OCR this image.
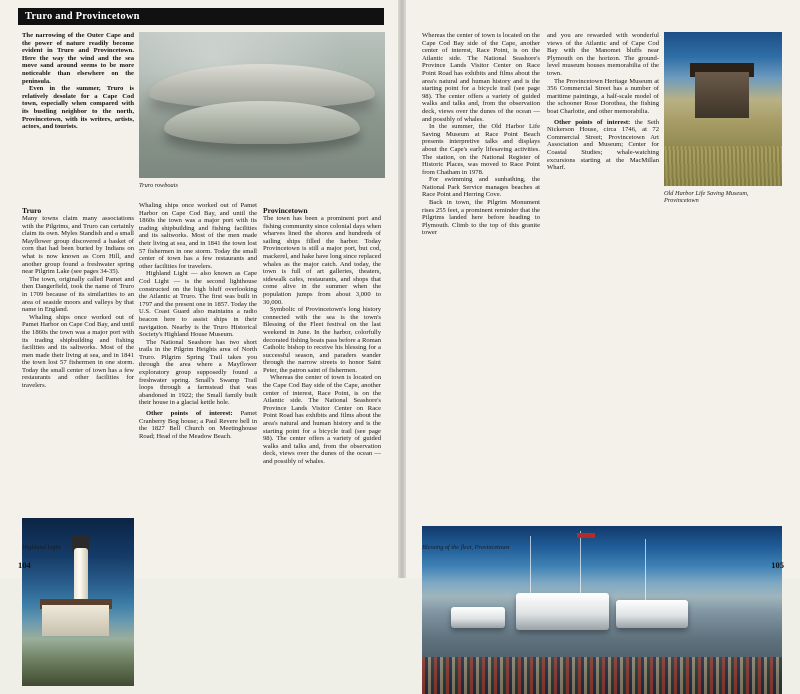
Truro and Provincetown

The narrowing of the Outer Cape and the power of nature readily become evident in Truro and Provincetown. Here the way the wind and the sea move sand around seems to be more noticeable than elsewhere on the peninsula.

Even in the summer, Truro is relatively desolate for a Cape Cod town, especially when compared with its bustling neighbor to the north, Provincetown, with its writers, artists, actors, and tourists.

Truro

Many towns claim many associations with the Pilgrims, and Truro can certainly claim its own. Myles Standish and a small Mayflower group discovered a basket of corn that had been buried by Indians on what is now known as Corn Hill, and another group found a freshwater spring near Pilgrim Lake (see pages 34-35).

The town, originally called Pamet and then Dangerfield, took the name of Truro in 1709 because of its similarities to an area of seaside moors and valleys by that name in England.

Whaling ships once worked out of Pamet Harbor on Cape Cod Bay, and until the 1860s the town was a major port with its trading shipbuilding and fishing facilities and its saltworks. Most of the men made their living at sea, and in 1841 the town lost 57 fishermen in one storm. Today the small center of town has a few restaurants and other facilities for travelers.

Truro rowboats

Whaling ships once worked out of Pamet Harbor on Cape Cod Bay, and until the 1860s the town was a major port with its trading shipbuilding and fishing facilities and its saltworks. Most of the men made their living at sea, and in 1841 the town lost 57 fishermen in one storm. Today the small center of town has a few restaurants and other facilities for travelers.

Highland Light — also known as Cape Cod Light — is the second lighthouse constructed on the high bluff overlooking the Atlantic at Truro. The first was built in 1797 and the present one in 1857. Today the U.S. Coast Guard also maintains a radio beacon here to assist ships in their navigation. Nearby is the Truro Historical Society's Highland House Museum.

The National Seashore has two short trails in the Pilgrim Heights area of North Truro. Pilgrim Spring Trail takes you through the area where a Mayflower exploratory group supposedly found a freshwater spring. Small's Swamp Trail loops through a farmstead that was abandoned in 1922; the Small family built their house in a glacial kettle hole.

Other points of interest: Pamet Cranberry Bog house; a Paul Revere bell in the 1827 Bell Church on Meetinghouse Road; Head of the Meadow Beach.

Highland Light
104
Provincetown

The town has been a prominent port and fishing community since colonial days when wharves lined the shores and hundreds of sailing ships filled the harbor. Today Provincetown is still a major port, but cod, mackerel, and hake have long since replaced whales as the major catch. And today, the town is full of art galleries, theaters, sidewalk cafes, restaurants, and shops that come alive in the summer when the population jumps from about 3,000 to 30,000.

Symbolic of Provincetown's long history connected with the sea is the town's Blessing of the Fleet festival on the last weekend in June. In the harbor, colorfully decorated fishing boats pass before a Roman Catholic bishop to receive his blessing for a successful season, and paraders wander through the narrow streets to honor Saint Peter, the patron saint of fishermen.

Whereas the center of town is located on the Cape Cod Bay side of the Cape, another center of interest, Race Point, is on the Atlantic side. The National Seashore's Province Lands Visitor Center on Race Point Road has exhibits and films about the area's natural and human history and is the starting point for a bicycle trail (see page 98). The center offers a variety of guided walks and talks and, from the observation deck, views over the dunes of the ocean — and possibly of whales.

Whereas the center of town is located on the Cape Cod Bay side of the Cape, another center of interest, Race Point, is on the Atlantic side. The National Seashore's Province Lands Visitor Center on Race Point Road has exhibits and films about the area's natural and human history and is the starting point for a bicycle trail (see page 98). The center offers a variety of guided walks and talks and, from the observation deck, views over the dunes of the ocean — and possibly of whales.

In the summer, the Old Harbor Life Saving Museum at Race Point Beach presents interpretive talks and displays about the Cape's early lifesaving activities. The station, on the National Register of Historic Places, was moved to Race Point from Chatham in 1978.

For swimming and sunbathing, the National Park Service manages beaches at Race Point and Herring Cove.

Back in town, the Pilgrim Monument rises 255 feet, a prominent reminder that the Pilgrims landed here before heading to Plymouth. Climb to the top of this granite tower

and you are rewarded with wonderful views of the Atlantic and of Cape Cod Bay with the Manomet bluffs near Plymouth on the horizon. The ground-level museum houses memorabilia of the town.

The Provincetown Heritage Museum at 356 Commercial Street has a number of maritime paintings, a half-scale model of the schooner Rose Dorothea, the fishing boat Charlotte, and other memorabilia.

Other points of interest: the Seth Nickerson House, circa 1746, at 72 Commercial Street; Provincetown Art Association and Museum; Center for Coastal Studies; whale-watching excursions starting at the MacMillan Wharf.

Old Harbor Life Saving Museum, Provincetown
Blessing of the fleet, Provincetown
105
